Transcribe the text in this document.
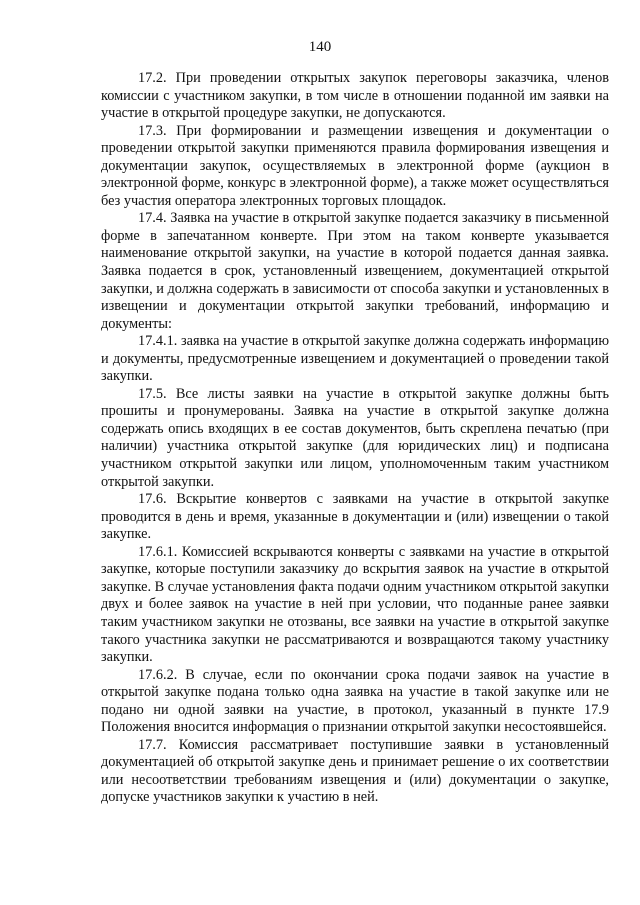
140

17.2. При проведении открытых закупок переговоры заказчика, членов комиссии с участником закупки, в том числе в отношении поданной им заявки на участие в открытой процедуре закупки, не допускаются.

17.3. При формировании и размещении извещения и документации о проведении открытой закупки применяются правила формирования извещения и документации закупок, осуществляемых в электронной форме (аукцион в электронной форме, конкурс в электронной форме), а также может осуществляться без участия оператора электронных торговых площадок.

17.4. Заявка на участие в открытой закупке подается заказчику в письменной форме в запечатанном конверте. При этом на таком конверте указывается наименование открытой закупки, на участие в которой подается данная заявка. Заявка подается в срок, установленный извещением, документацией открытой закупки, и должна содержать в зависимости от способа закупки и установленных в извещении и документации открытой закупки требований, информацию и документы:

17.4.1. заявка на участие в открытой закупке должна содержать информацию и документы, предусмотренные извещением и документацией о проведении такой закупки.

17.5. Все листы заявки на участие в открытой закупке должны быть прошиты и пронумерованы. Заявка на участие в открытой закупке должна содержать опись входящих в ее состав документов, быть скреплена печатью (при наличии) участника открытой закупке (для юридических лиц) и подписана участником открытой закупки или лицом, уполномоченным таким участником открытой закупки.

17.6. Вскрытие конвертов с заявками на участие в открытой закупке проводится в день и время, указанные в документации и (или) извещении о такой закупке.

17.6.1. Комиссией вскрываются конверты с заявками на участие в открытой закупке, которые поступили заказчику до вскрытия заявок на участие в открытой закупке. В случае установления факта подачи одним участником открытой закупки двух и более заявок на участие в ней при условии, что поданные ранее заявки таким участником закупки не отозваны, все заявки на участие в открытой закупке такого участника закупки не рассматриваются и возвращаются такому участнику закупки.

17.6.2. В случае, если по окончании срока подачи заявок на участие в открытой закупке подана только одна заявка на участие в такой закупке или не подано ни одной заявки на участие, в протокол, указанный в пункте 17.9 Положения вносится информация о признании открытой закупки несостоявшейся.

17.7. Комиссия рассматривает поступившие заявки в установленный документацией об открытой закупке день и принимает решение о их соответствии или несоответствии требованиям извещения и (или) документации о закупке, допуске участников закупки к участию в ней.
